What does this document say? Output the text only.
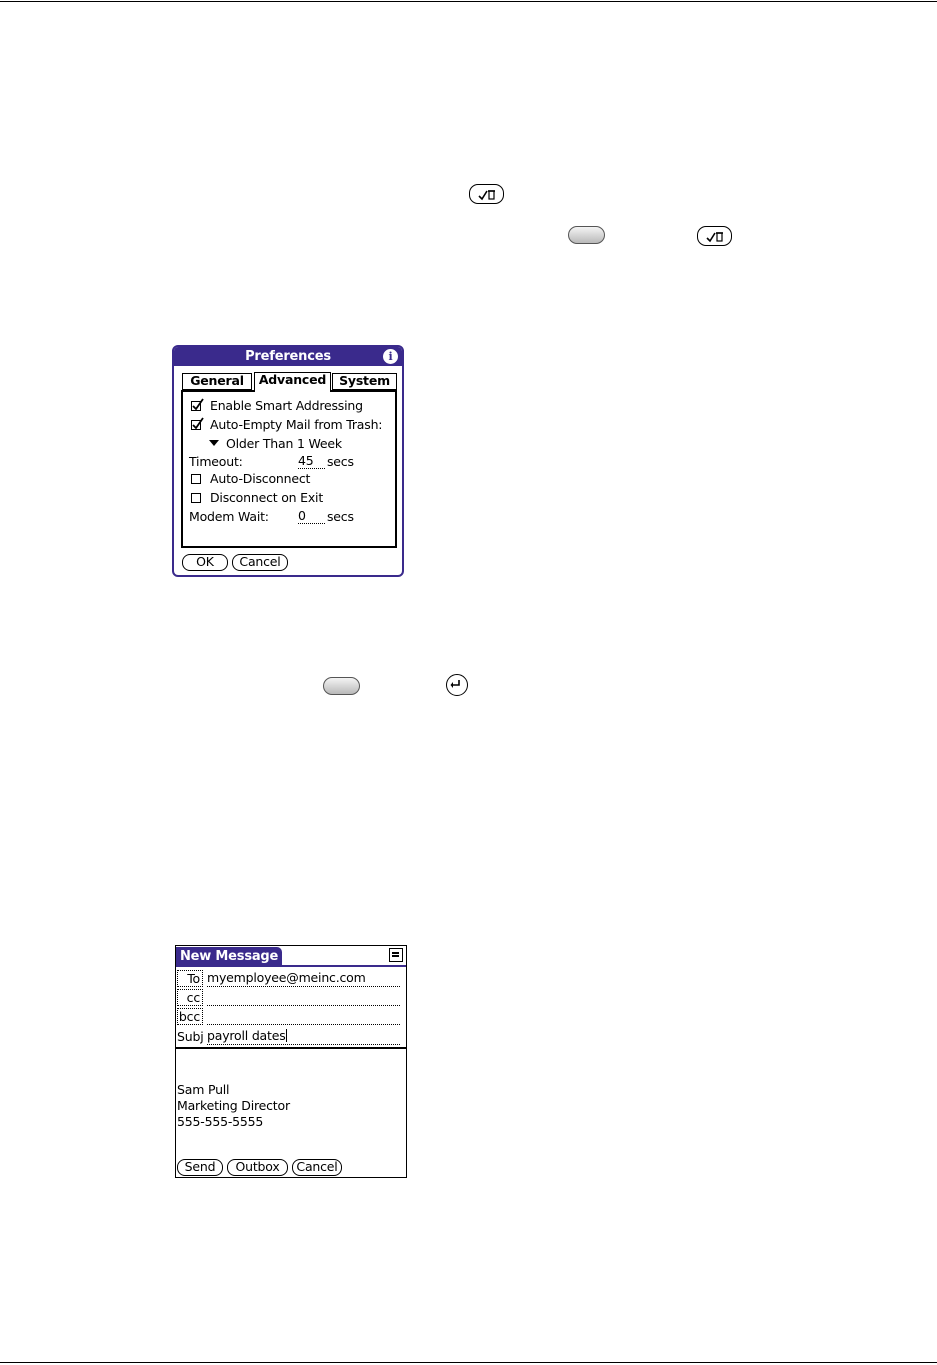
Preferences	i
General	Advanced	System
Enable Smart Addressing
Auto-Empty Mail from Trash:
Older Than 1 Week
Timeout:	45	secs
Auto-Disconnect
Disconnect on Exit
Modem Wait: 0	secs
OK	Cancel
New Message
To myemployee@meinc.com
cc
bcc
Subj payroll dates
Sam Pull
Marketing Director
555-555-5555
Send	Outbox	Cancel
